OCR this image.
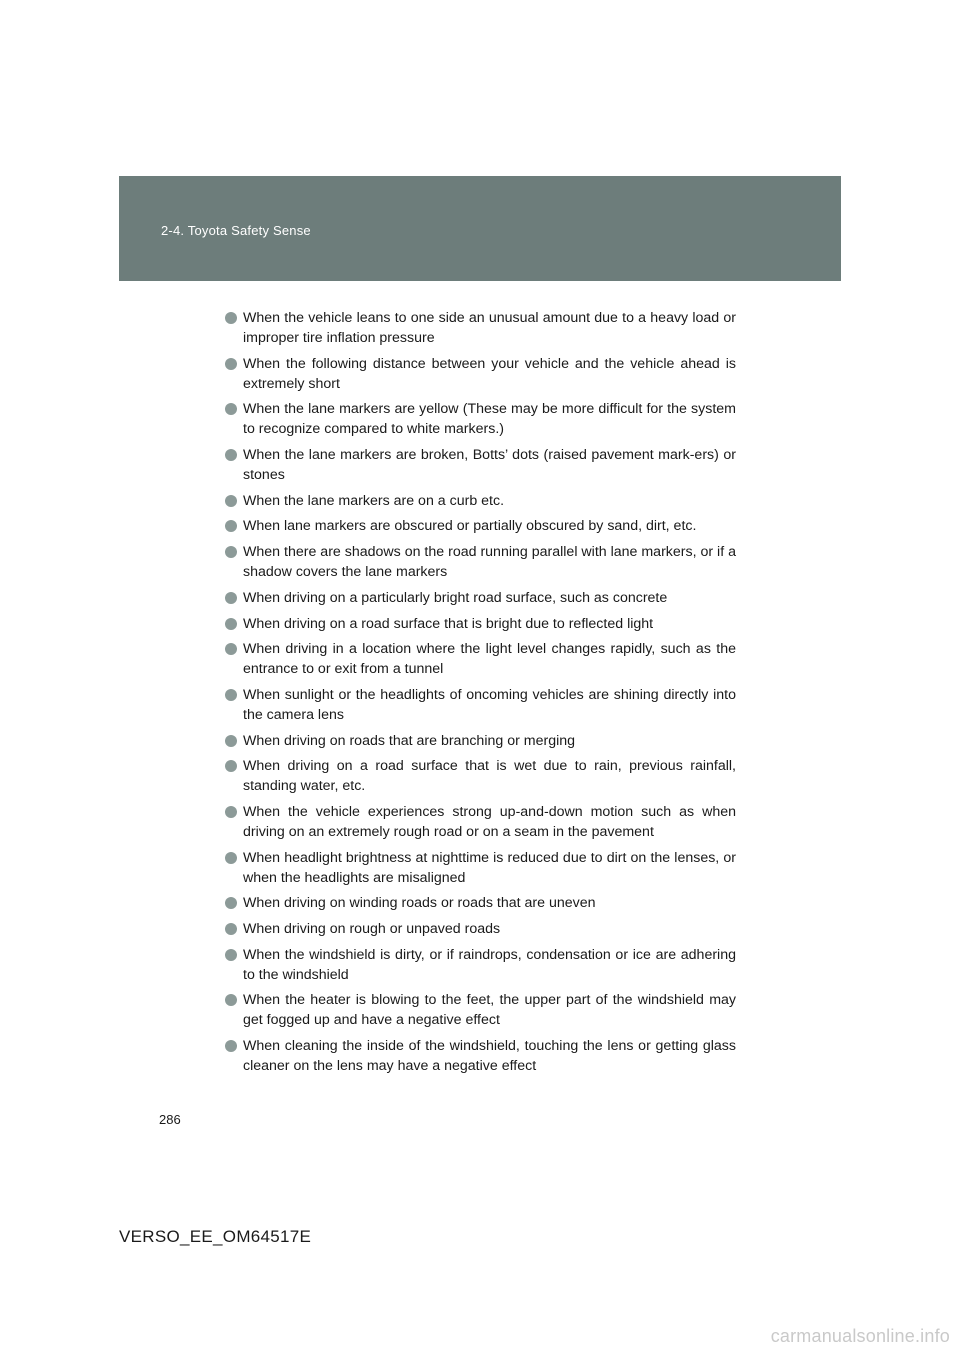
2-4. Toyota Safety Sense
When the vehicle leans to one side an unusual amount due to a heavy load or improper tire inflation pressure
When the following distance between your vehicle and the vehicle ahead is extremely short
When the lane markers are yellow (These may be more difficult for the system to recognize compared to white markers.)
When the lane markers are broken, Botts’ dots (raised pavement mark-ers) or stones
When the lane markers are on a curb etc.
When lane markers are obscured or partially obscured by sand, dirt, etc.
When there are shadows on the road running parallel with lane markers, or if a shadow covers the lane markers
When driving on a particularly bright road surface, such as concrete
When driving on a road surface that is bright due to reflected light
When driving in a location where the light level changes rapidly, such as the entrance to or exit from a tunnel
When sunlight or the headlights of oncoming vehicles are shining directly into the camera lens
When driving on roads that are branching or merging
When driving on a road surface that is wet due to rain, previous rainfall, standing water, etc.
When the vehicle experiences strong up-and-down motion such as when driving on an extremely rough road or on a seam in the pavement
When headlight brightness at nighttime is reduced due to dirt on the lenses, or when the headlights are misaligned
When driving on winding roads or roads that are uneven
When driving on rough or unpaved roads
When the windshield is dirty, or if raindrops, condensation or ice are adhering to the windshield
When the heater is blowing to the feet, the upper part of the windshield may get fogged up and have a negative effect
When cleaning the inside of the windshield, touching the lens or getting glass cleaner on the lens may have a negative effect
286
VERSO_EE_OM64517E
carmanualsonline.info
